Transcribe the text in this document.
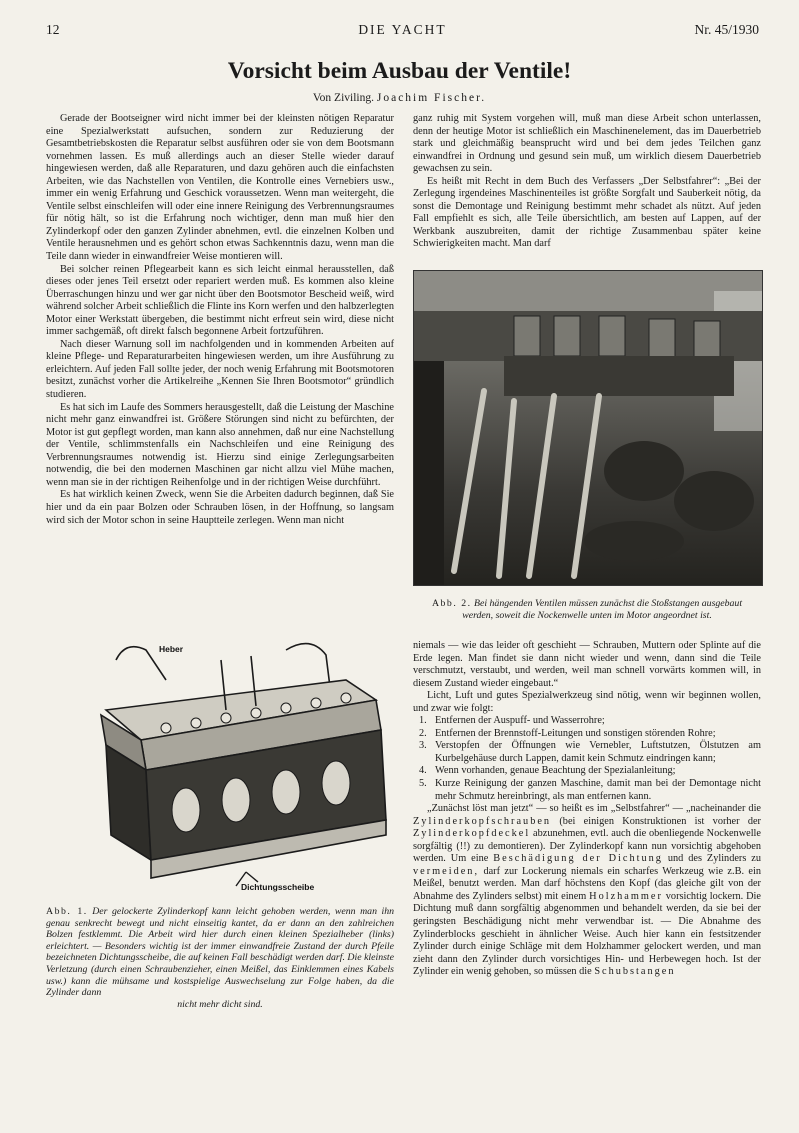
12	DIE YACHT	Nr. 45/1930
Vorsicht beim Ausbau der Ventile!
Von Ziviling. Joachim Fischer.

Gerade der Bootseigner wird nicht immer bei der kleinsten nötigen Reparatur eine Spezialwerkstatt aufsuchen, sondern zur Reduzierung der Gesamtbetriebskosten die Reparatur selbst ausführen oder sie von dem Bootsmann vornehmen lassen. Es muß allerdings auch an dieser Stelle wieder darauf hingewiesen werden, daß alle Reparaturen, und dazu gehören auch die einfachsten Arbeiten, wie das Nachstellen von Ventilen, die Kontrolle eines Vernebiers usw., immer ein wenig Erfahrung und Geschick voraussetzen. Wenn man weitergeht, die Ventile selbst einschleifen will oder eine innere Reinigung des Verbrennungsraumes für nötig hält, so ist die Erfahrung noch wichtiger, denn man muß hier den Zylinderkopf oder den ganzen Zylinder abnehmen, evtl. die einzelnen Kolben und Ventile herausnehmen und es gehört schon etwas Sachkenntnis dazu, wenn man die Teile dann wieder in einwandfreier Weise montieren will.

Bei solcher reinen Pflegearbeit kann es sich leicht einmal herausstellen, daß dieses oder jenes Teil ersetzt oder repariert werden muß. Es kommen also kleine Überraschungen hinzu und wer gar nicht über den Bootsmotor Bescheid weiß, wird während solcher Arbeit schließlich die Flinte ins Korn werfen und den halbzerlegten Motor einer Werkstatt übergeben, die bestimmt nicht erfreut sein wird, diese nicht immer sachgemäß, oft direkt falsch begonnene Arbeit fortzuführen.

Nach dieser Warnung soll im nachfolgenden und in kommenden Arbeiten auf kleine Pflege- und Reparaturarbeiten hingewiesen werden, um ihre Ausführung zu erleichtern. Auf jeden Fall sollte jeder, der noch wenig Erfahrung mit Bootsmotoren besitzt, zunächst vorher die Artikelreihe „Kennen Sie Ihren Bootsmotor“ gründlich studieren.

Es hat sich im Laufe des Sommers herausgestellt, daß die Leistung der Maschine nicht mehr ganz einwandfrei ist. Größere Störungen sind nicht zu befürchten, der Motor ist gut gepflegt worden, man kann also annehmen, daß nur eine Nachstellung der Ventile, schlimmstenfalls ein Nachschleifen und eine Reinigung des Verbrennungsraumes notwendig ist. Hierzu sind einige Zerlegungsarbeiten notwendig, die bei den modernen Maschinen gar nicht allzu viel Mühe machen, wenn man sie in der richtigen Reihenfolge und in der richtigen Weise durchführt.

Es hat wirklich keinen Zweck, wenn Sie die Arbeiten dadurch beginnen, daß Sie hier und da ein paar Bolzen oder Schrauben lösen, in der Hoffnung, so langsam wird sich der Motor schon in seine Hauptteile zerlegen. Wenn man nicht

ganz ruhig mit System vorgehen will, muß man diese Arbeit schon unterlassen, denn der heutige Motor ist schließlich ein Maschinenelement, das im Dauerbetrieb stark und gleichmäßig beansprucht wird und bei dem jedes Teilchen ganz einwandfrei in Ordnung und gesund sein muß, um wirklich diesem Dauerbetrieb gewachsen zu sein.

Es heißt mit Recht in dem Buch des Verfassers „Der Selbstfahrer“: „Bei der Zerlegung irgendeines Maschinenteiles ist größte Sorgfalt und Sauberkeit nötig, da sonst die Demontage und Reinigung bestimmt mehr schadet als nützt. Auf jeden Fall empfiehlt es sich, alle Teile übersichtlich, am besten auf Lappen, auf der Werkbank auszubreiten, damit der richtige Zusammenbau später keine Schwierigkeiten macht. Man darf

Abb. 2. Bei hängenden Ventilen müssen zunächst die Stoßstangen ausgebaut werden, soweit die Nockenwelle unten im Motor angeordnet ist.

niemals — wie das leider oft geschieht — Schrauben, Muttern oder Splinte auf die Erde legen. Man findet sie dann nicht wieder und wenn, dann sind die Teile verschmutzt, verstaubt, und werden, weil man schnell vorwärts kommen will, in diesem Zustand wieder eingebaut.“

Licht, Luft und gutes Spezialwerkzeug sind nötig, wenn wir beginnen wollen, und zwar wie folgt:

1. Entfernen der Auspuff- und Wasserrohre;
2. Entfernen der Brennstoff-Leitungen und sonstigen störenden Rohre;
3. Verstopfen der Öffnungen wie Vernebler, Luftstutzen, Ölstutzen am Kurbelgehäuse durch Lappen, damit kein Schmutz eindringen kann;
4. Wenn vorhanden, genaue Beachtung der Spezialanleitung;
5. Kurze Reinigung der ganzen Maschine, damit man bei der Demontage nicht mehr Schmutz hereinbringt, als man entfernen kann.

„Zunächst löst man jetzt“ — so heißt es im „Selbstfahrer“ — „nacheinander die Zylinderkopfschrauben (bei einigen Konstruktionen ist vorher der Zylinderkopfdeckel abzunehmen, evtl. auch die obenliegende Nockenwelle sorgfältig (!!) zu demontieren). Der Zylinderkopf kann nun vorsichtig abgehoben werden. Um eine Beschädigung der Dichtung und des Zylinders zu vermeiden, darf zur Lockerung niemals ein scharfes Werkzeug wie z.B. ein Meißel, benutzt werden. Man darf höchstens den Kopf (das gleiche gilt von der Abnahme des Zylinders selbst) mit einem Holzhammer vorsichtig lockern. Die Dichtung muß dann sorgfältig abgenommen und behandelt werden, da sie bei der geringsten Beschädigung nicht mehr verwendbar ist. — Die Abnahme des Zylinderblocks geschieht in ähnlicher Weise. Auch hier kann ein festsitzender Zylinder durch einige Schläge mit dem Holzhammer gelockert werden, und man zieht dann den Zylinder durch vorsichtiges Hin- und Herbewegen hoch. Ist der Zylinder ein wenig gehoben, so müssen die Schubstangen

Heber
Dichtungsscheibe
Abb. 1. Der gelockerte Zylinderkopf kann leicht gehoben werden, wenn man ihn genau senkrecht bewegt und nicht einseitig kantet, da er dann an den zahlreichen Bolzen festklemmt. Die Arbeit wird hier durch einen kleinen Spezialheber (links) erleichtert. — Besonders wichtig ist der immer einwandfreie Zustand der durch Pfeile bezeichneten Dichtungsscheibe, die auf keinen Fall beschädigt werden darf. Die kleinste Verletzung (durch einen Schraubenzieher, einen Meißel, das Einklemmen eines Kabels usw.) kann die mühsame und kostspielige Auswechselung zur Folge haben, da die Zylinder dann
nicht mehr dicht sind.
